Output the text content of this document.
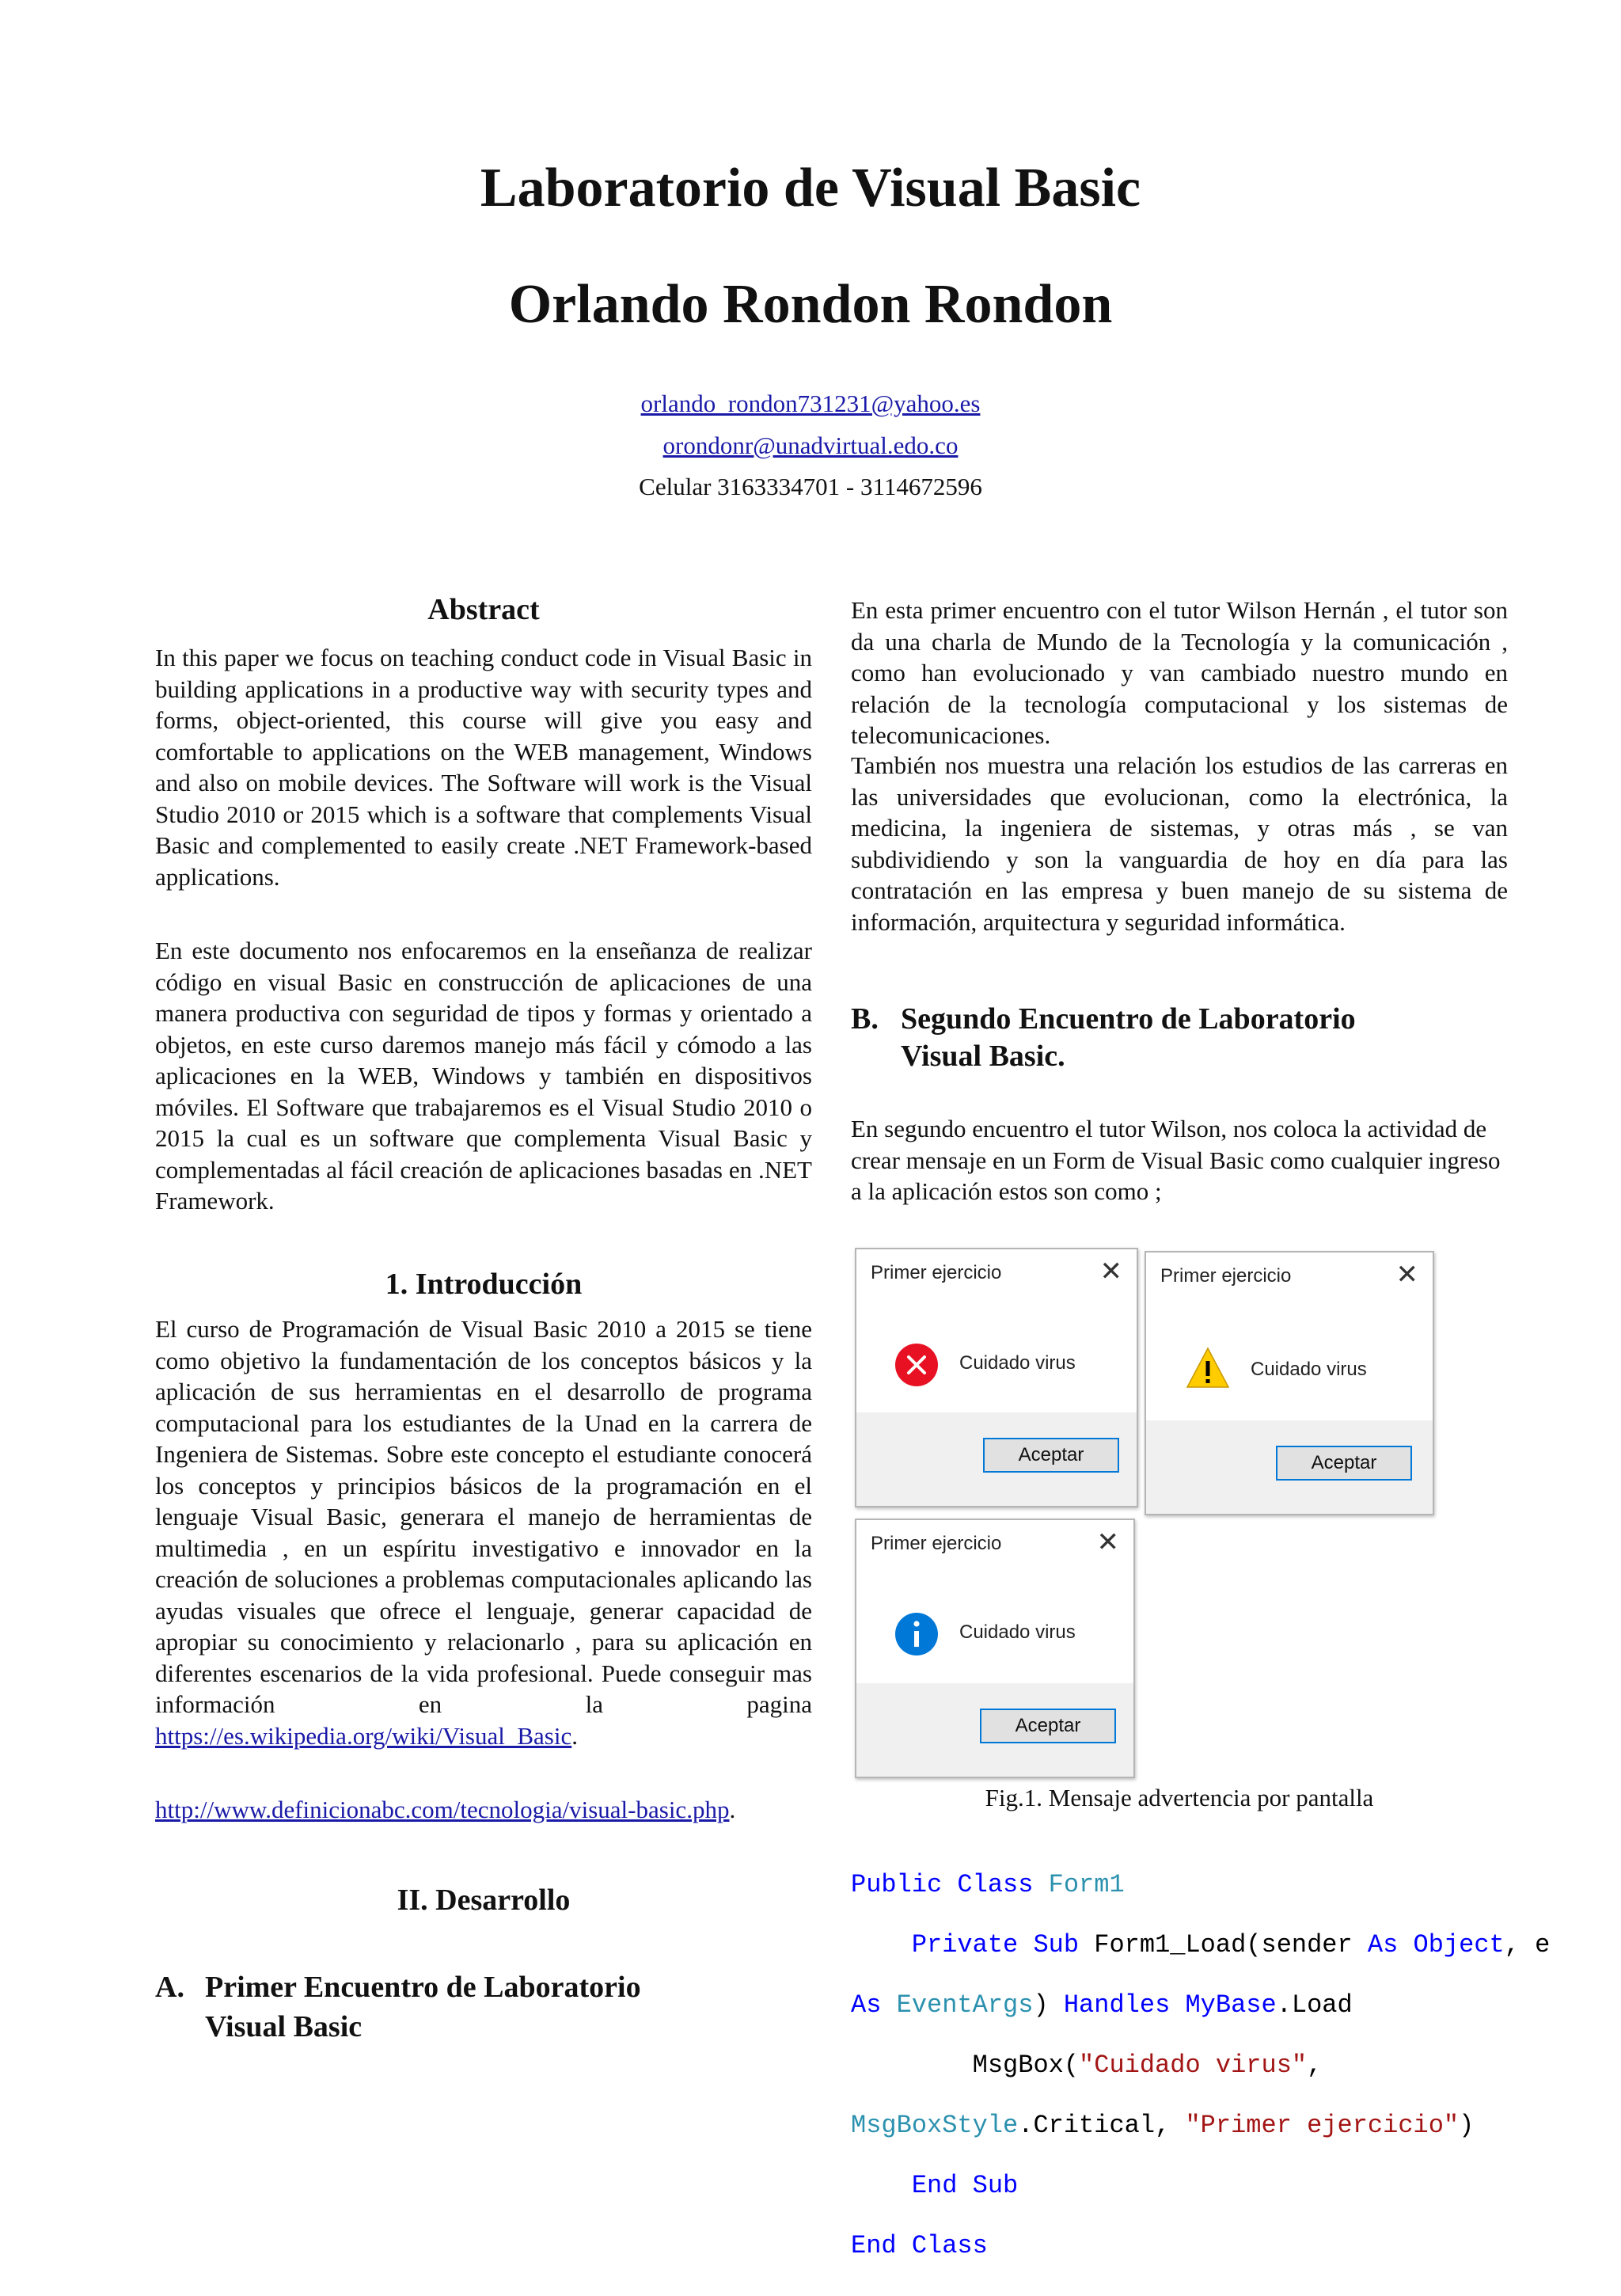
Laboratorio de Visual Basic
Orlando Rondon Rondon
orlando_rondon731231@yahoo.es
orondonr@unadvirtual.edo.co
Celular 3163334701 - 3114672596
Abstract

In this paper we focus on teaching conduct code in Visual Basic in building applications in a productive way with security types and forms, object-oriented, this course will give you easy and comfortable to applications on the WEB management, Windows and also on mobile devices. The Software will work is the Visual Studio 2010 or 2015 which is a software that complements Visual Basic and complemented to easily create .NET Framework-based applications.

En este documento nos enfocaremos en la enseñanza de realizar código en visual Basic en construcción de aplicaciones de una manera productiva con seguridad de tipos y formas y orientado a objetos, en este curso daremos manejo más fácil y cómodo a las aplicaciones en la WEB, Windows y también en dispositivos móviles. El Software que trabajaremos es el Visual Studio 2010 o 2015 la cual es un software que complementa Visual Basic y complementadas al fácil creación de aplicaciones basadas en .NET Framework.

1. Introducción

El curso de Programación de Visual Basic 2010 a 2015 se tiene como objetivo la fundamentación de los conceptos básicos y la aplicación de sus herramientas en el desarrollo de programa computacional para los estudiantes de la Unad en la carrera de Ingeniera de Sistemas. Sobre este concepto el estudiante conocerá los conceptos y principios básicos de la programación en el lenguaje Visual Basic, generara el manejo de herramientas de multimedia , en un espíritu investigativo e innovador en la creación de soluciones a problemas computacionales aplicando las ayudas visuales que ofrece el lenguaje, generar capacidad de apropiar su conocimiento y relacionarlo , para su aplicación en diferentes escenarios de la vida profesional. Puede conseguir mas información en la pagina https://es.wikipedia.org/wiki/Visual_Basic.

http://www.definicionabc.com/tecnologia/visual-basic.php.

II. Desarrollo
A. Primer Encuentro de Laboratorio
Visual Basic

En esta primer encuentro con el tutor Wilson Hernán , el tutor son da una charla de Mundo de la Tecnología y la comunicación , como han evolucionado y van cambiado nuestro mundo en relación de la tecnología computacional y los sistemas de telecomunicaciones.

También nos muestra una relación los estudios de las carreras en las universidades que evolucionan, como la electrónica, la medicina, la ingeniera de sistemas, y otras más , se van subdividiendo y son la vanguardia de hoy en día para las contratación en las empresa y buen manejo de su sistema de información, arquitectura y seguridad informática.

B. Segundo Encuentro de Laboratorio
Visual Basic.

En segundo encuentro el tutor Wilson, nos coloca la actividad de crear mensaje en un Form de Visual Basic como cualquier ingreso a la aplicación estos son como ;

Primer ejercicio	✕
Cuidado virus
Aceptar
Primer ejercicio	✕
Cuidado virus
Aceptar
Primer ejercicio	✕
Cuidado virus
Aceptar
Fig.1. Mensaje advertencia por pantalla

Public Class Form1

Private Sub Form1_Load(sender As Object, e

As EventArgs) Handles MyBase.Load

MsgBox("Cuidado virus",

MsgBoxStyle.Critical, "Primer ejercicio")

End Sub

End Class
